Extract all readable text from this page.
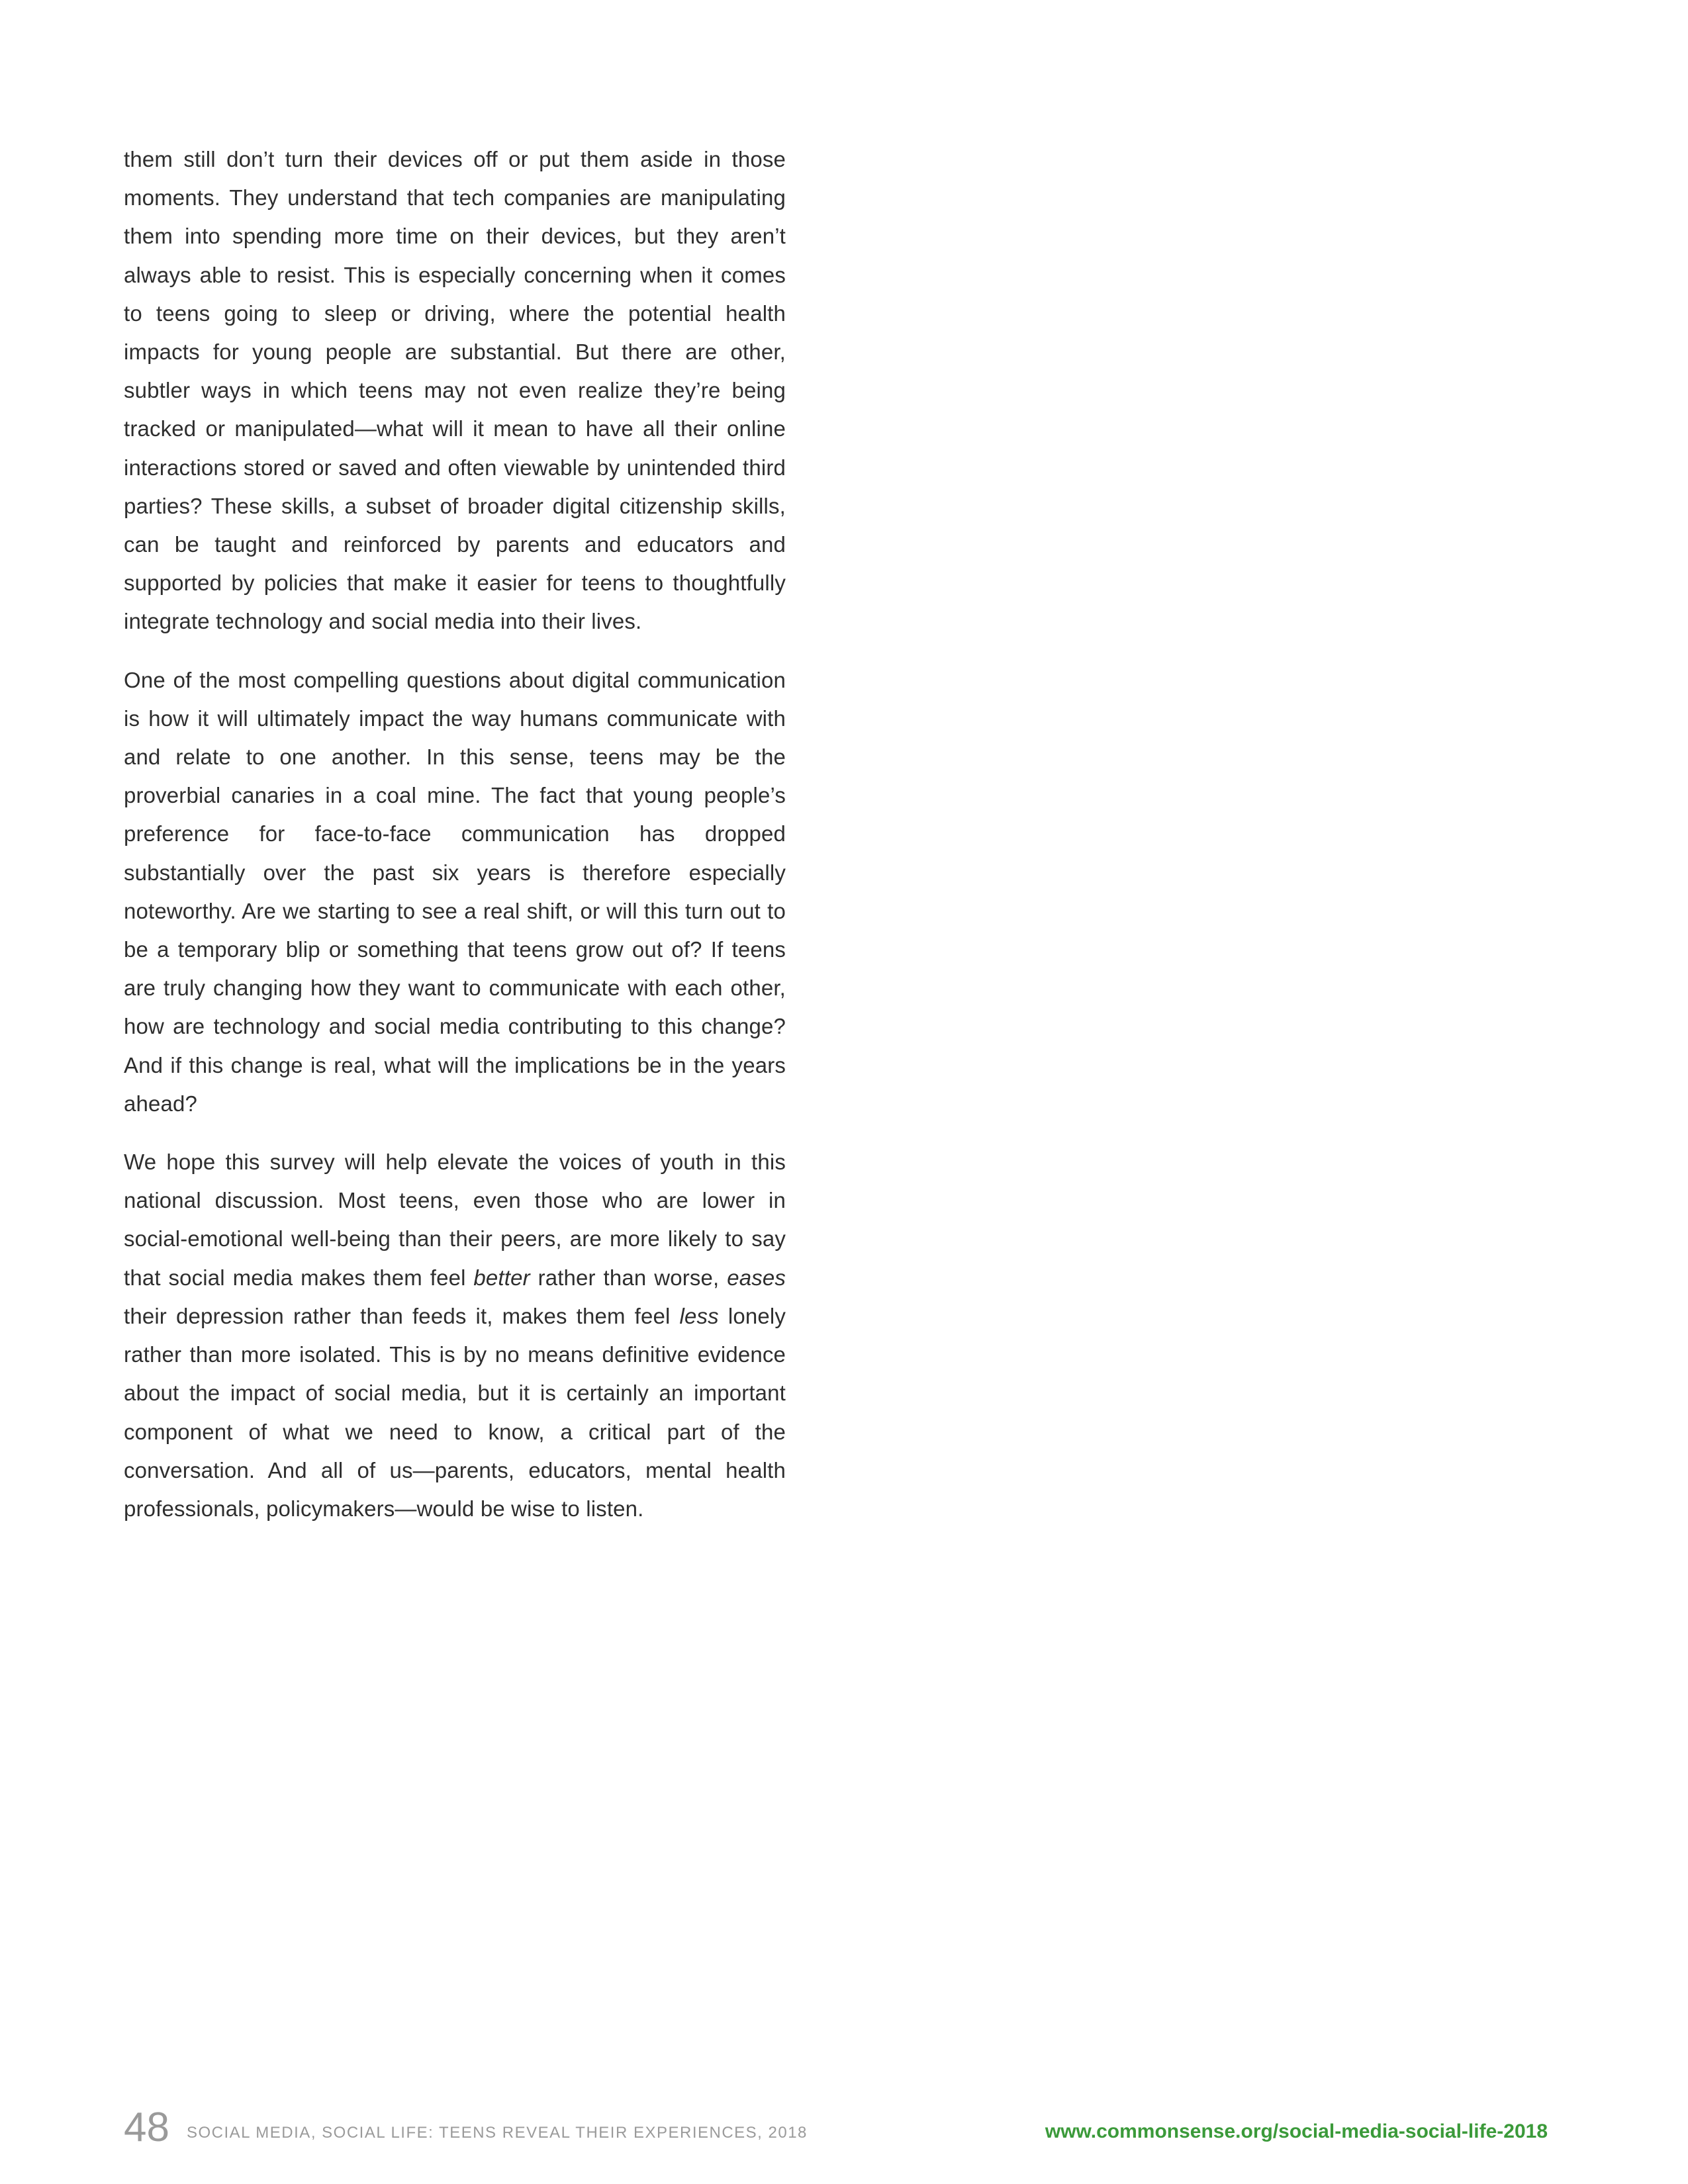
them still don’t turn their devices off or put them aside in those moments. They understand that tech companies are manipulating them into spending more time on their devices, but they aren’t always able to resist. This is especially concerning when it comes to teens going to sleep or driving, where the potential health impacts for young people are substantial. But there are other, subtler ways in which teens may not even realize they’re being tracked or manipulated—what will it mean to have all their online interactions stored or saved and often viewable by unintended third parties? These skills, a subset of broader digital citizenship skills, can be taught and reinforced by parents and educators and supported by policies that make it easier for teens to thoughtfully integrate technology and social media into their lives.

One of the most compelling questions about digital communication is how it will ultimately impact the way humans communicate with and relate to one another. In this sense, teens may be the proverbial canaries in a coal mine. The fact that young people’s preference for face-to-face communication has dropped substantially over the past six years is therefore especially noteworthy. Are we starting to see a real shift, or will this turn out to be a temporary blip or something that teens grow out of? If teens are truly changing how they want to communicate with each other, how are technology and social media contributing to this change? And if this change is real, what will the implications be in the years ahead?

We hope this survey will help elevate the voices of youth in this national discussion. Most teens, even those who are lower in social-emotional well-being than their peers, are more likely to say that social media makes them feel better rather than worse, eases their depression rather than feeds it, makes them feel less lonely rather than more isolated. This is by no means definitive evidence about the impact of social media, but it is certainly an important component of what we need to know, a critical part of the conversation. And all of us—parents, educators, mental health professionals, policymakers—would be wise to listen.

48 SOCIAL MEDIA, SOCIAL LIFE: TEENS REVEAL THEIR EXPERIENCES, 2018	www.commonsense.org/social-media-social-life-2018
